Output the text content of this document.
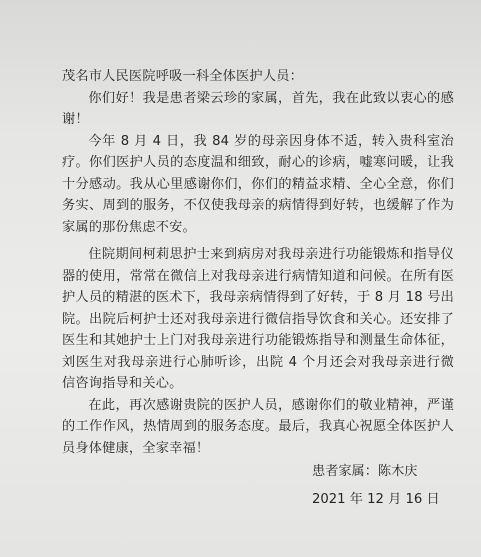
茂名市人民医院呼吸一科全体医护人员：

你们好！我是患者梁云珍的家属，首先，我在此致以衷心的感谢！

今年 8 月 4 日，我 84 岁的母亲因身体不适，转入贵科室治疗。你们医护人员的态度温和细致，耐心的诊病，嘘寒问暖，让我十分感动。我从心里感谢你们，你们的精益求精、全心全意，你们务实、周到的服务，不仅使我母亲的病情得到好转，也缓解了作为家属的那份焦虑不安。

住院期间柯莉思护士来到病房对我母亲进行功能锻炼和指导仪器的使用，常常在微信上对我母亲进行病情知道和问候。在所有医护人员的精湛的医术下，我母亲病情得到了好转，于 8 月 18 号出院。出院后柯护士还对我母亲进行微信指导饮食和关心。还安排了医生和其她护士上门对我母亲进行功能锻炼指导和测量生命体征，刘医生对我母亲进行心肺听诊，出院 4 个月还会对我母亲进行微信咨询指导和关心。

在此，再次感谢贵院的医护人员，感谢你们的敬业精神，严谨的工作作风，热情周到的服务态度。最后，我真心祝愿全体医护人员身体健康，全家幸福！

患者家属：陈木庆
2021 年 12 月 16 日
